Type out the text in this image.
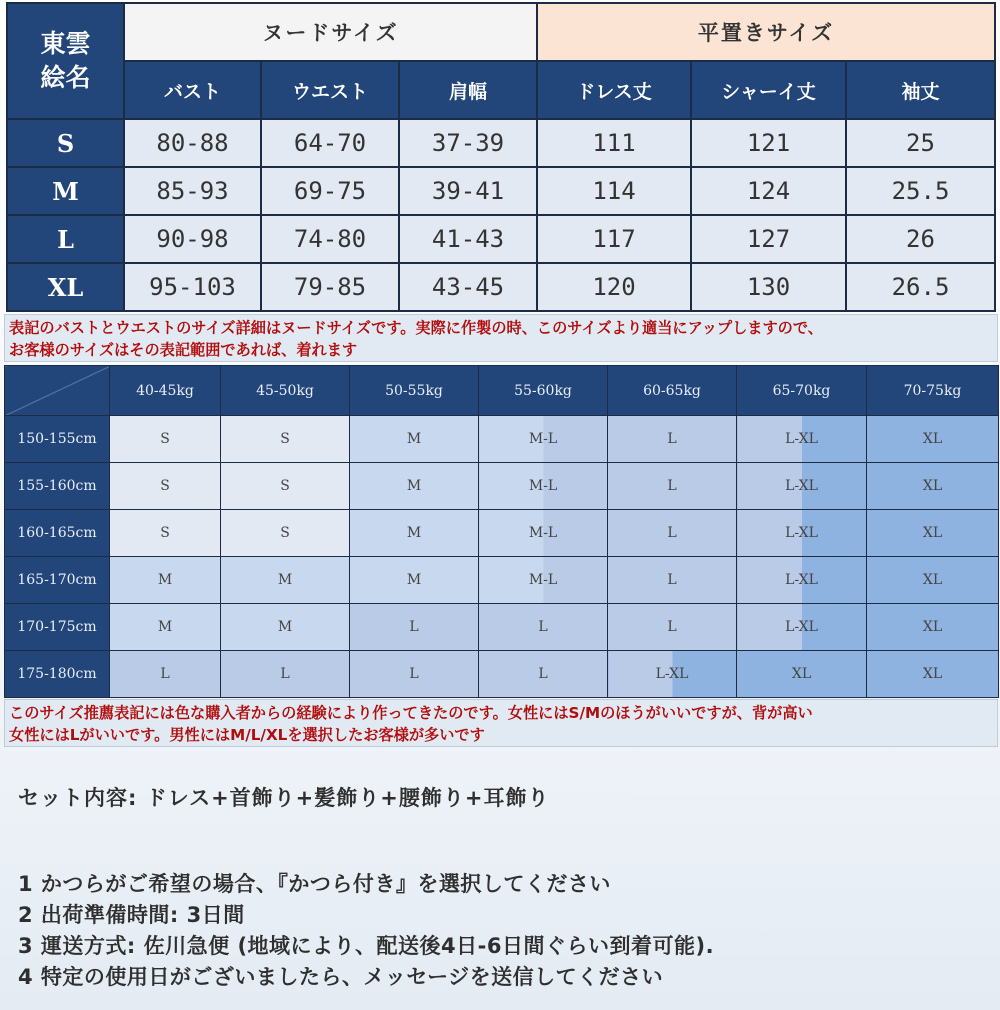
東雲
絵名	ヌードサイズ			平置きサイズ		
	バスト	ウエスト	肩幅	ドレス丈	シャーイ丈	袖丈
S	80-88	64-70	37-39	111	121	25
M	85-93	69-75	39-41	114	124	25.5
L	90-98	74-80	41-43	117	127	26
XL	95-103	79-85	43-45	120	130	26.5
表記のバストとウエストのサイズ詳細はヌードサイズです。実際に作製の時、このサイズより適当にアップしますので、
お客様のサイズはその表記範囲であれば、着れます
	40-45kg	45-50kg	50-55kg	55-60kg	60-65kg	65-70kg	70-75kg
150-155cm	S	S	M	M-L	L	L-XL	XL
155-160cm	S	S	M	M-L	L	L-XL	XL
160-165cm	S	S	M	M-L	L	L-XL	XL
165-170cm	M	M	M	M-L	L	L-XL	XL
170-175cm	M	M	L	L	L	L-XL	XL
175-180cm	L	L	L	L	L-XL	XL	XL
このサイズ推薦表記には色な購入者からの経験により作ってきたのです。女性にはS/Mのほうがいいですが、背が高い
女性にはLがいいです。男性にはM/L/XLを選択したお客様が多いです
セット内容: ドレス+首飾り+髪飾り+腰飾り+耳飾り
1 かつらがご希望の場合、『かつら付き』を選択してください
2 出荷準備時間: 3日間
3 運送方式: 佐川急便 (地域により、配送後4日-6日間ぐらい到着可能).
4 特定の使用日がございましたら、メッセージを送信してください
